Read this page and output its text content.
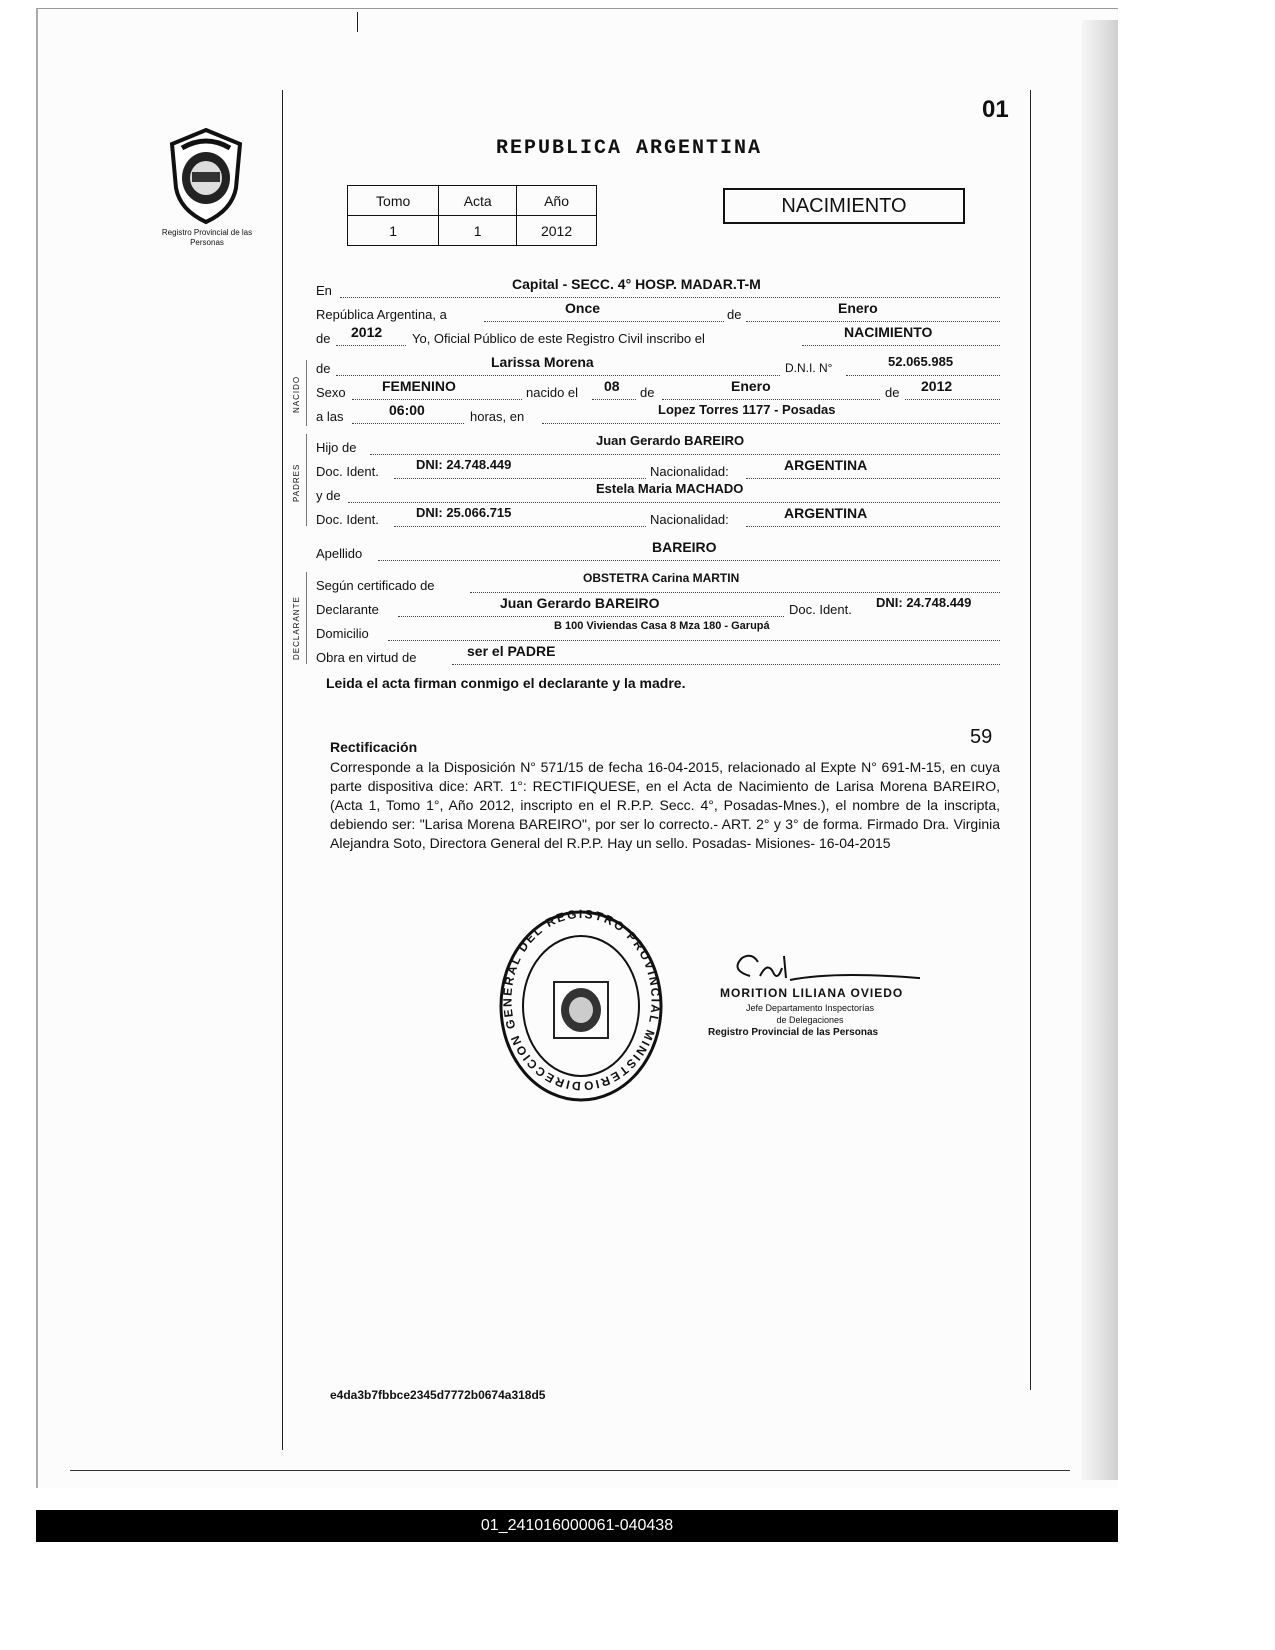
01
Registro Provincial de las Personas
REPUBLICA ARGENTINA
Tomo	Acta	Año
1	1	2012
NACIMIENTO
En	Capital - SECC. 4° HOSP. MADAR.T-M
República Argentina, a	Once	de	Enero
de 2012 Yo, Oficial Público de este Registro Civil inscribo el	NACIMIENTO
NACIDO
de	Larissa Morena	D.N.I. N°	52.065.985
Sexo	FEMENINO	nacido el 08 de	Enero	de 2012
a las	06:00	horas, en	Lopez Torres 1177 - Posadas
PADRES
Hijo de	Juan Gerardo BAREIRO
Doc. Ident.	DNI: 24.748.449	Nacionalidad:	ARGENTINA
y de	Estela Maria MACHADO
Doc. Ident.	DNI: 25.066.715	Nacionalidad:	ARGENTINA
Apellido	BAREIRO
DECLARANTE
Según certificado de	OBSTETRA Carina MARTIN
Declarante	Juan Gerardo BAREIRO	Doc. Ident. DNI: 24.748.449
Domicilio	B 100 Viviendas Casa 8 Mza 180 - Garupá
Obra en virtud de	ser el PADRE
Leida el acta firman conmigo el declarante y la madre.
Rectificación	59
Corresponde a la Disposición N° 571/15 de fecha 16-04-2015, relacionado al Expte N° 691-M-15, en cuya parte dispositiva dice: ART. 1°: RECTIFIQUESE, en el Acta de Nacimiento de Larisa Morena BAREIRO, (Acta 1, Tomo 1°, Año 2012, inscripto en el R.P.P. Secc. 4°, Posadas-Mnes.), el nombre de la inscripta, debiendo ser: "Larisa Morena BAREIRO", por ser lo correcto.- ART. 2° y 3° de forma. Firmado Dra. Virginia Alejandra Soto, Directora General del R.P.P. Hay un sello. Posadas- Misiones- 16-04-2015
DIRECCION GENERAL DEL REGISTRO PROVINCIAL MINISTERIO
Col
MORITION LILIANA OVIEDO
Jefe Departamento Inspectorías
de Delegaciones
Registro Provincial de las Personas
e4da3b7fbbce2345d7772b0674a318d5
01_241016000061-040438
